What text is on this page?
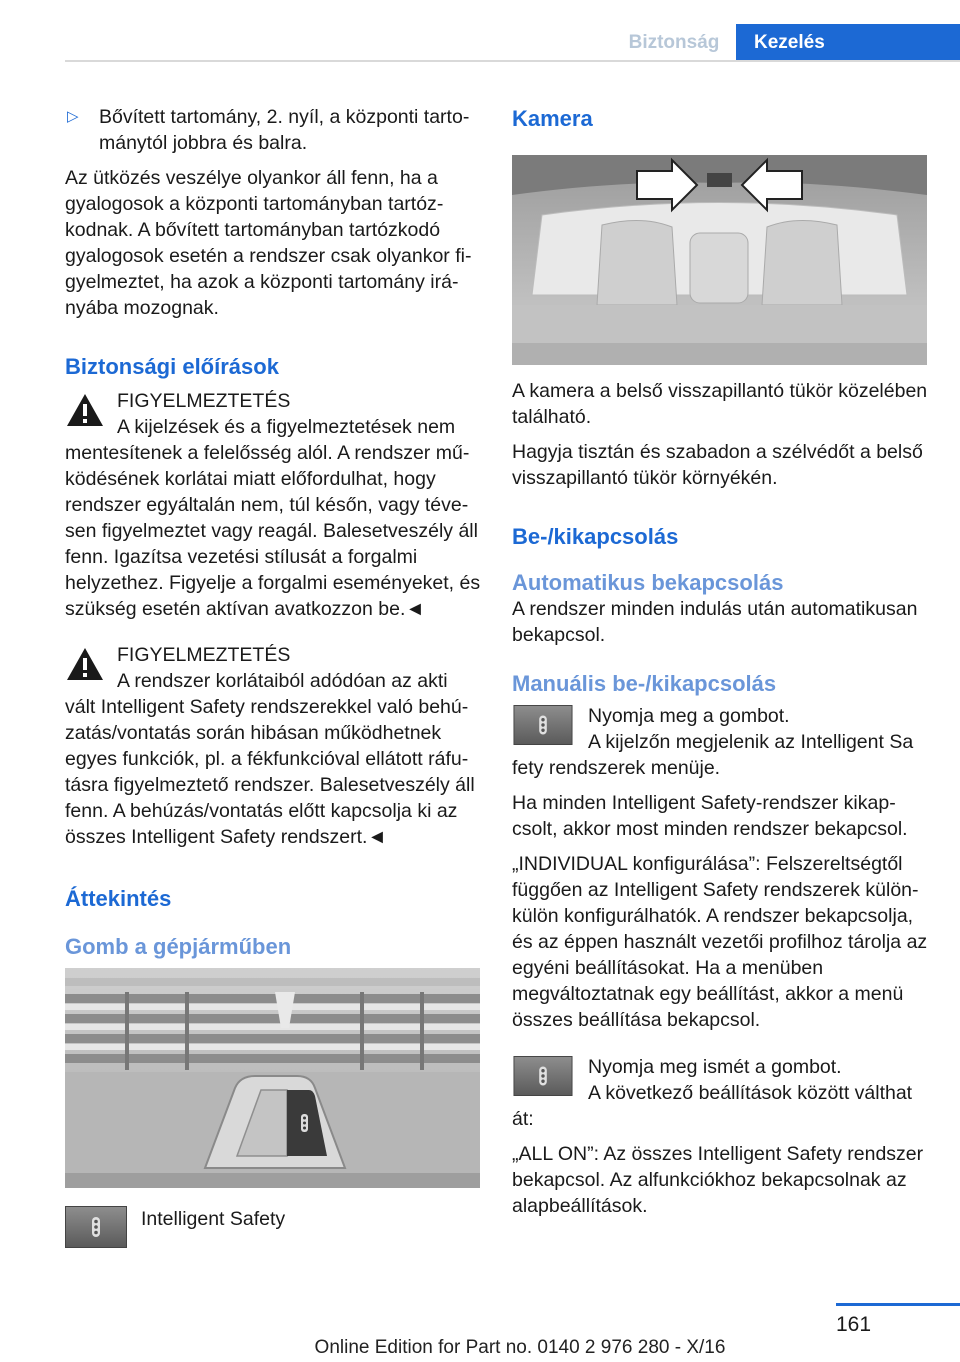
Biztonság	Kezelés

▷ Bővített tartomány, 2. nyíl, a központi tartománytól jobbra és balra.

Az ütközés veszélye olyankor áll fenn, ha a gyalogosok a központi tartományban tartózkodnak. A bővített tartományban tartózkodó gyalogosok esetén a rendszer csak olyankor figyelmeztet, ha azok a központi tartomány irányába mozognak.

Biztonsági előírások
FIGYELMEZTETÉS
A kijelzések és a figyelmeztetések nem
mentesítenek a felelősség alól. A rendszer működésének korlátai miatt előfordulhat, hogy rendszer egyáltalán nem, túl későn, vagy tévesen figyelmeztet vagy reagál. Balesetveszély áll fenn. Igazítsa vezetési stílusát a forgalmi helyzethez. Figyelje a forgalmi eseményeket, és szükség esetén aktívan avatkozzon be.◄
FIGYELMEZTETÉS
A rendszer korlátaiból adódóan az akti
vált Intelligent Safety rendszerekkel való behúzatás/vontatás során hibásan működhetnek egyes funkciók, pl. a fékfunkcióval ellátott ráfutásra figyelmeztető rendszer. Balesetveszély áll fenn. A behúzás/vontatás előtt kapcsolja ki az összes Intelligent Safety rendszert.◄
Áttekintés
Gomb a gépjárműben
Intelligent Safety
Kamera

A kamera a belső visszapillantó tükör közelében található.

Hagyja tisztán és szabadon a szélvédőt a belső visszapillantó tükör környékén.

Be-/kikapcsolás
Automatikus bekapcsolás

A rendszer minden indulás után automatikusan bekapcsol.

Manuális be-/kikapcsolás
Nyomja meg a gombot.
A kijelzőn megjelenik az Intelligent Sa

fety rendszerek menüje.

Ha minden Intelligent Safety-rendszer kikapcsolt, akkor most minden rendszer bekapcsol.

„INDIVIDUAL konfigurálása”: Felszereltségtől függően az Intelligent Safety rendszerek külön-külön konfigurálhatók. A rendszer bekapcsolja, és az éppen használt vezetői profilhoz tárolja az egyéni beállításokat. Ha a menüben megváltoztatnak egy beállítást, akkor a menü összes beállítása bekapcsol.

Nyomja meg ismét a gombot.
A következő beállítások között válthat

át:

„ALL ON”: Az összes Intelligent Safety rendszer bekapcsol. Az alfunkciókhoz bekapcsolnak az alapbeállítások.

161
Online Edition for Part no. 0140 2 976 280 - X/16
